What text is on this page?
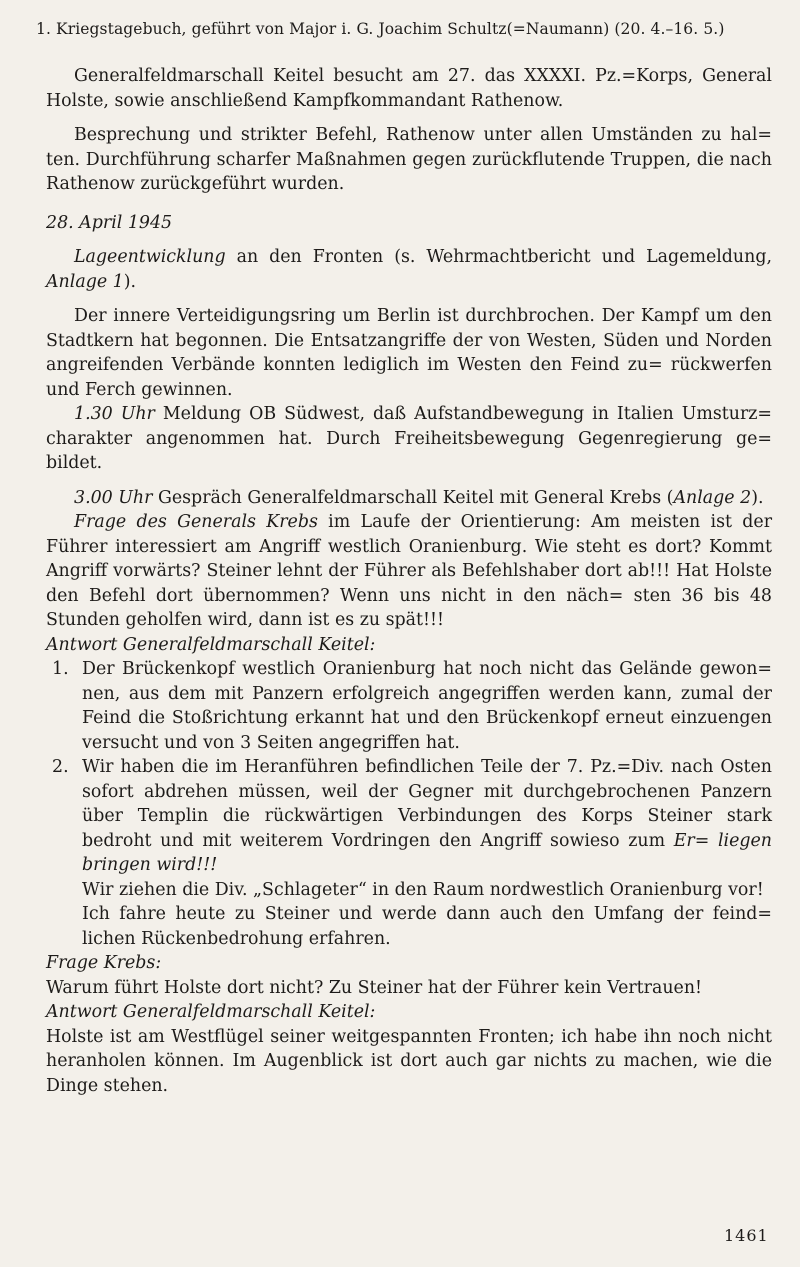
1. Kriegstagebuch, geführt von Major i. G. Joachim Schultz(=Naumann) (20. 4.–16. 5.)

Generalfeldmarschall Keitel besucht am 27. das XXXXI. Pz.=Korps, General Holste, sowie anschließend Kampfkommandant Rathenow.

Besprechung und strikter Befehl, Rathenow unter allen Umständen zu hal= ten. Durchführung scharfer Maßnahmen gegen zurückflutende Truppen, die nach Rathenow zurückgeführt wurden.

28. April 1945

Lageentwicklung an den Fronten (s. Wehrmachtbericht und Lagemeldung, Anlage 1).

Der innere Verteidigungsring um Berlin ist durchbrochen. Der Kampf um den Stadtkern hat begonnen. Die Entsatzangriffe der von Westen, Süden und Norden angreifenden Verbände konnten lediglich im Westen den Feind zu= rückwerfen und Ferch gewinnen.

1.30 Uhr Meldung OB Südwest, daß Aufstandbewegung in Italien Umsturz= charakter angenommen hat. Durch Freiheitsbewegung Gegenregierung ge= bildet.

3.00 Uhr Gespräch Generalfeldmarschall Keitel mit General Krebs (Anlage 2).

Frage des Generals Krebs im Laufe der Orientierung: Am meisten ist der Führer interessiert am Angriff westlich Oranienburg. Wie steht es dort? Kommt Angriff vorwärts? Steiner lehnt der Führer als Befehlshaber dort ab!!! Hat Holste den Befehl dort übernommen? Wenn uns nicht in den näch= sten 36 bis 48 Stunden geholfen wird, dann ist es zu spät!!!

Antwort Generalfeldmarschall Keitel:

1. Der Brückenkopf westlich Oranienburg hat noch nicht das Gelände gewon= nen, aus dem mit Panzern erfolgreich angegriffen werden kann, zumal der Feind die Stoßrichtung erkannt hat und den Brückenkopf erneut einzuengen versucht und von 3 Seiten angegriffen hat.

2. Wir haben die im Heranführen befindlichen Teile der 7. Pz.=Div. nach Osten sofort abdrehen müssen, weil der Gegner mit durchgebrochenen Panzern über Templin die rückwärtigen Verbindungen des Korps Steiner stark bedroht und mit weiterem Vordringen den Angriff sowieso zum Er= liegen bringen wird!!!

Wir ziehen die Div. „Schlageter“ in den Raum nordwestlich Oranienburg vor!

Ich fahre heute zu Steiner und werde dann auch den Umfang der feind= lichen Rückenbedrohung erfahren.

Frage Krebs:

Warum führt Holste dort nicht? Zu Steiner hat der Führer kein Vertrauen!

Antwort Generalfeldmarschall Keitel:

Holste ist am Westflügel seiner weitgespannten Fronten; ich habe ihn noch nicht heranholen können. Im Augenblick ist dort auch gar nichts zu machen, wie die Dinge stehen.

1461
